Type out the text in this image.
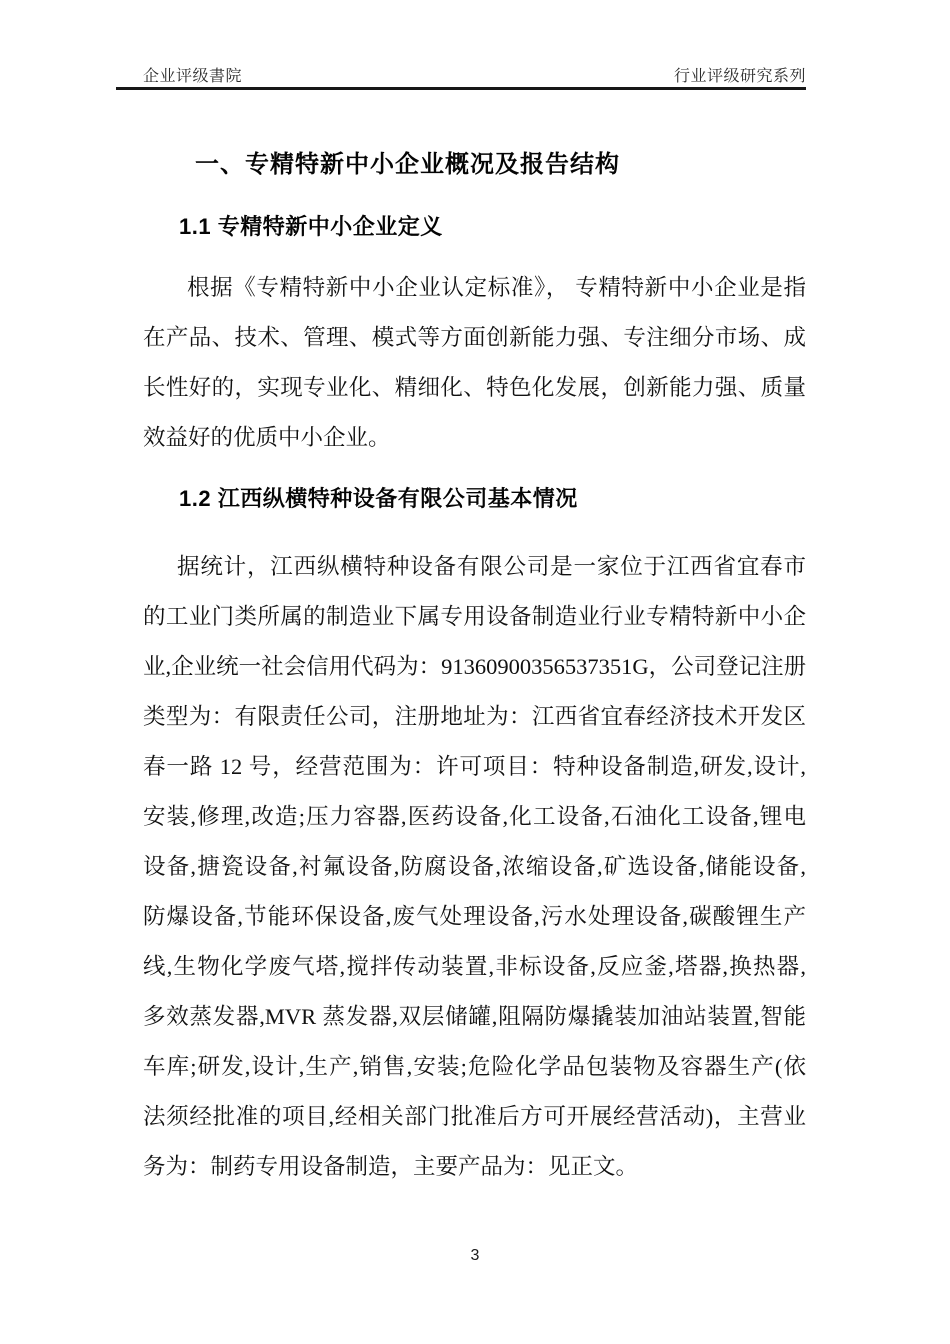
企业评级書院	行业评级研究系列
一、专精特新中小企业概况及报告结构
1.1 专精特新中小企业定义
根据《专精特新中小企业认定标准》， 专精特新中小企业是指
在产品、技术、管理、模式等方面创新能力强、专注细分市场、成
长性好的，实现专业化、精细化、特色化发展，创新能力强、质量
效益好的优质中小企业。
1.2 江西纵横特种设备有限公司基本情况
据统计，江西纵横特种设备有限公司是一家位于江西省宜春市
的工业门类所属的制造业下属专用设备制造业行业专精特新中小企
业,企业统一社会信用代码为：91360900356537351G，公司登记注册
类型为：有限责任公司，注册地址为：江西省宜春经济技术开发区
春一路 12 号，经营范围为：许可项目：特种设备制造,研发,设计,
安装,修理,改造;压力容器,医药设备,化工设备,石油化工设备,锂电
设备,搪瓷设备,衬氟设备,防腐设备,浓缩设备,矿选设备,储能设备,
防爆设备,节能环保设备,废气处理设备,污水处理设备,碳酸锂生产
线,生物化学废气塔,搅拌传动装置,非标设备,反应釜,塔器,换热器,
多效蒸发器,MVR 蒸发器,双层储罐,阻隔防爆撬装加油站装置,智能
车库;研发,设计,生产,销售,安装;危险化学品包装物及容器生产(依
法须经批准的项目,经相关部门批准后方可开展经营活动)，主营业
务为：制药专用设备制造，主要产品为：见正文。
3
